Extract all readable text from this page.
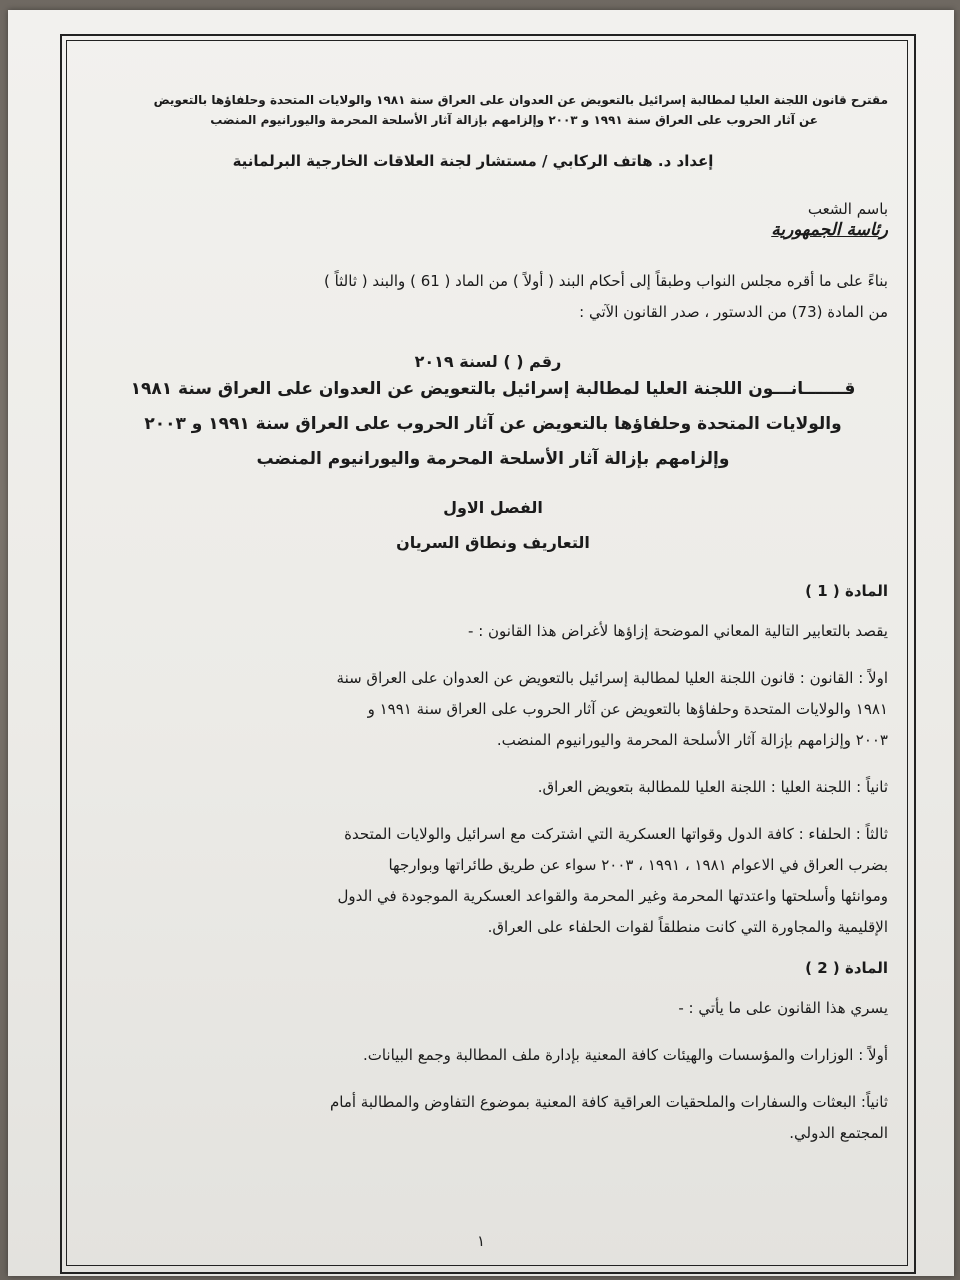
مقترح قانون اللجنة العليا لمطالبة إسرائيل بالتعويض عن العدوان على العراق سنة ١٩٨١ والولايات المتحدة وحلفاؤها بالتعويض

عن آثار الحروب على العراق سنة ١٩٩١ و ٢٠٠٣ وإلزامهم بإزالة آثار الأسلحة المحرمة واليورانيوم المنضب

إعداد د. هاتف الركابي / مستشار لجنة العلاقات الخارجية البرلمانية

باسم الشعب

رئاسة الجمهورية

بناءً على ما أقره مجلس النواب وطبقاً إلى أحكام البند ( أولاً ) من الماد ( 61 ) والبند ( ثالثاً )

من المادة (73) من الدستور ، صدر القانون الآتي :

رقم ( ) لسنة ٢٠١٩

قـــــــانـــون اللجنة العليا لمطالبة إسرائيل بالتعويض عن العدوان على العراق سنة ١٩٨١

والولايات المتحدة وحلفاؤها بالتعويض عن آثار الحروب على العراق سنة ١٩٩١ و ٢٠٠٣

وإلزامهم بإزالة آثار الأسلحة المحرمة واليورانيوم المنضب

الفصل الاول

التعاريف ونطاق السريان

المادة ( 1 )

يقصد بالتعابير التالية المعاني الموضحة إزاؤها لأغراض هذا القانون : -

اولاً : القانون : قانون اللجنة العليا لمطالبة إسرائيل بالتعويض عن العدوان على العراق سنة

١٩٨١ والولايات المتحدة وحلفاؤها بالتعويض عن آثار الحروب على العراق سنة ١٩٩١ و

٢٠٠٣ وإلزامهم بإزالة آثار الأسلحة المحرمة واليورانيوم المنضب.

ثانياً : اللجنة العليا : اللجنة العليا للمطالبة بتعويض العراق.

ثالثاً : الحلفاء : كافة الدول وقواتها العسكرية التي اشتركت مع اسرائيل والولايات المتحدة

بضرب العراق في الاعوام ١٩٨١ ، ١٩٩١ ، ٢٠٠٣ سواء عن طريق طائراتها وبوارجها

وموانئها وأسلحتها واعتدتها المحرمة وغير المحرمة والقواعد العسكرية الموجودة في الدول

الإقليمية والمجاورة التي كانت منطلقاً لقوات الحلفاء على العراق.

المادة ( 2 )

يسري هذا القانون على ما يأتي : -

أولاً : الوزارات والمؤسسات والهيئات كافة المعنية بإدارة ملف المطالبة وجمع البيانات.

ثانياً: البعثات والسفارات والملحقيات العراقية كافة المعنية بموضوع التفاوض والمطالبة أمام

المجتمع الدولي.

١
